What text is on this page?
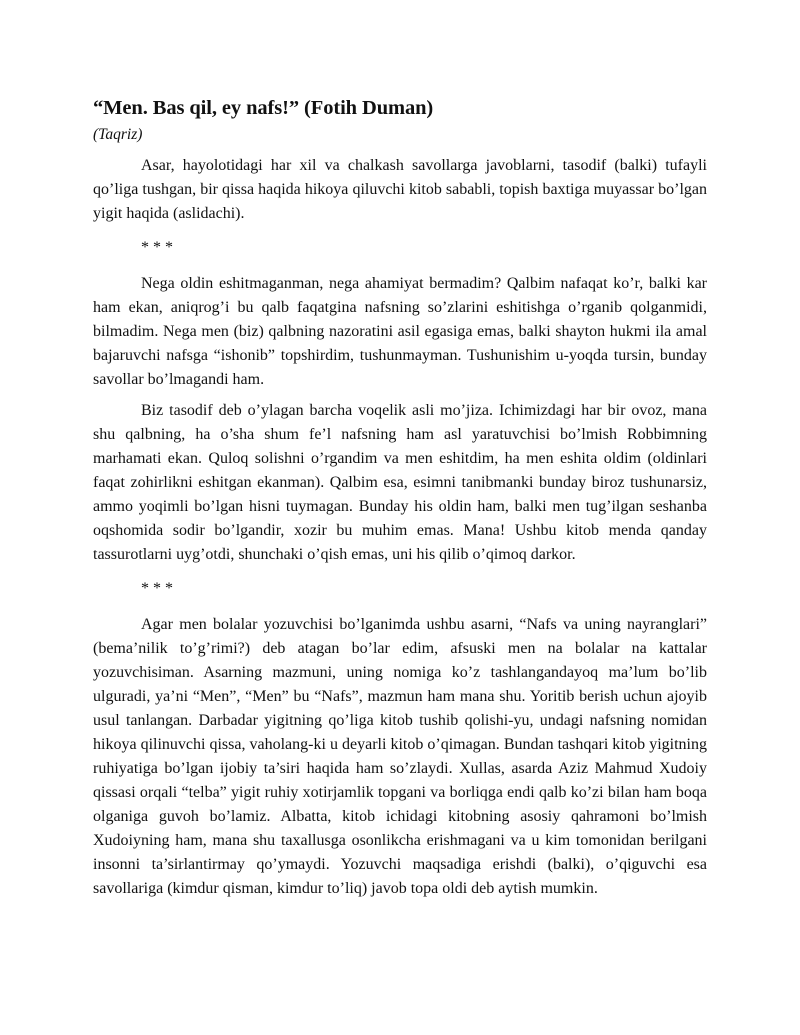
“Men. Bas qil, ey nafs!” (Fotih Duman)
(Taqriz)

Asar, hayolotidagi har xil va chalkash savollarga javoblarni, tasodif (balki) tufayli qo’liga tushgan, bir qissa haqida hikoya qiluvchi kitob sababli, topish baxtiga muyassar bo’lgan yigit haqida (aslidachi).

* * *

Nega oldin eshitmaganman, nega ahamiyat bermadim? Qalbim nafaqat ko’r, balki kar ham ekan, aniqrog’i bu qalb faqatgina nafsning so’zlarini eshitishga o’rganib qolganmidi, bilmadim. Nega men (biz) qalbning nazoratini asil egasiga emas, balki shayton hukmi ila amal bajaruvchi nafsga “ishonib” topshirdim, tushunmayman. Tushunishim u-yoqda tursin, bunday savollar bo’lmagandi ham.

Biz tasodif deb o’ylagan barcha voqelik asli mo’jiza. Ichimizdagi har bir ovoz, mana shu qalbning, ha o’sha shum fe’l nafsning ham asl yaratuvchisi bo’lmish Robbimning marhamati ekan. Quloq solishni o’rgandim va men eshitdim, ha men eshita oldim (oldinlari faqat zohirlikni eshitgan ekanman). Qalbim esa, esimni tanibmanki bunday biroz tushunarsiz, ammo yoqimli bo’lgan hisni tuymagan. Bunday his oldin ham, balki men tug’ilgan seshanba oqshomida sodir bo’lgandir, xozir bu muhim emas. Mana! Ushbu kitob menda qanday tassurotlarni uyg’otdi, shunchaki o’qish emas, uni his qilib o’qimoq darkor.

* * *

Agar men bolalar yozuvchisi bo’lganimda ushbu asarni, “Nafs va uning nayranglari” (bema’nilik to’g’rimi?) deb atagan bo’lar edim, afsuski men na bolalar na kattalar yozuvchisiman. Asarning mazmuni, uning nomiga ko’z tashlangandayoq ma’lum bo’lib ulguradi, ya’ni “Men”, “Men” bu “Nafs”, mazmun ham mana shu. Yoritib berish uchun ajoyib usul tanlangan. Darbadar yigitning qo’liga kitob tushib qolishi-yu, undagi nafsning nomidan hikoya qilinuvchi qissa, vaholang-ki u deyarli kitob o’qimagan. Bundan tashqari kitob yigitning ruhiyatiga bo’lgan ijobiy ta’siri haqida ham so’zlaydi. Xullas, asarda Aziz Mahmud Xudoiy qissasi orqali “telba” yigit ruhiy xotirjamlik topgani va borliqga endi qalb ko’zi bilan ham boqa olganiga guvoh bo’lamiz. Albatta, kitob ichidagi kitobning asosiy qahramoni bo’lmish Xudoiyning ham, mana shu taxallusga osonlikcha erishmagani va u kim tomonidan berilgani insonni ta’sirlantirmay qo’ymaydi. Yozuvchi maqsadiga erishdi (balki), o’qiguvchi esa savollariga (kimdur qisman, kimdur to’liq) javob topa oldi deb aytish mumkin.
